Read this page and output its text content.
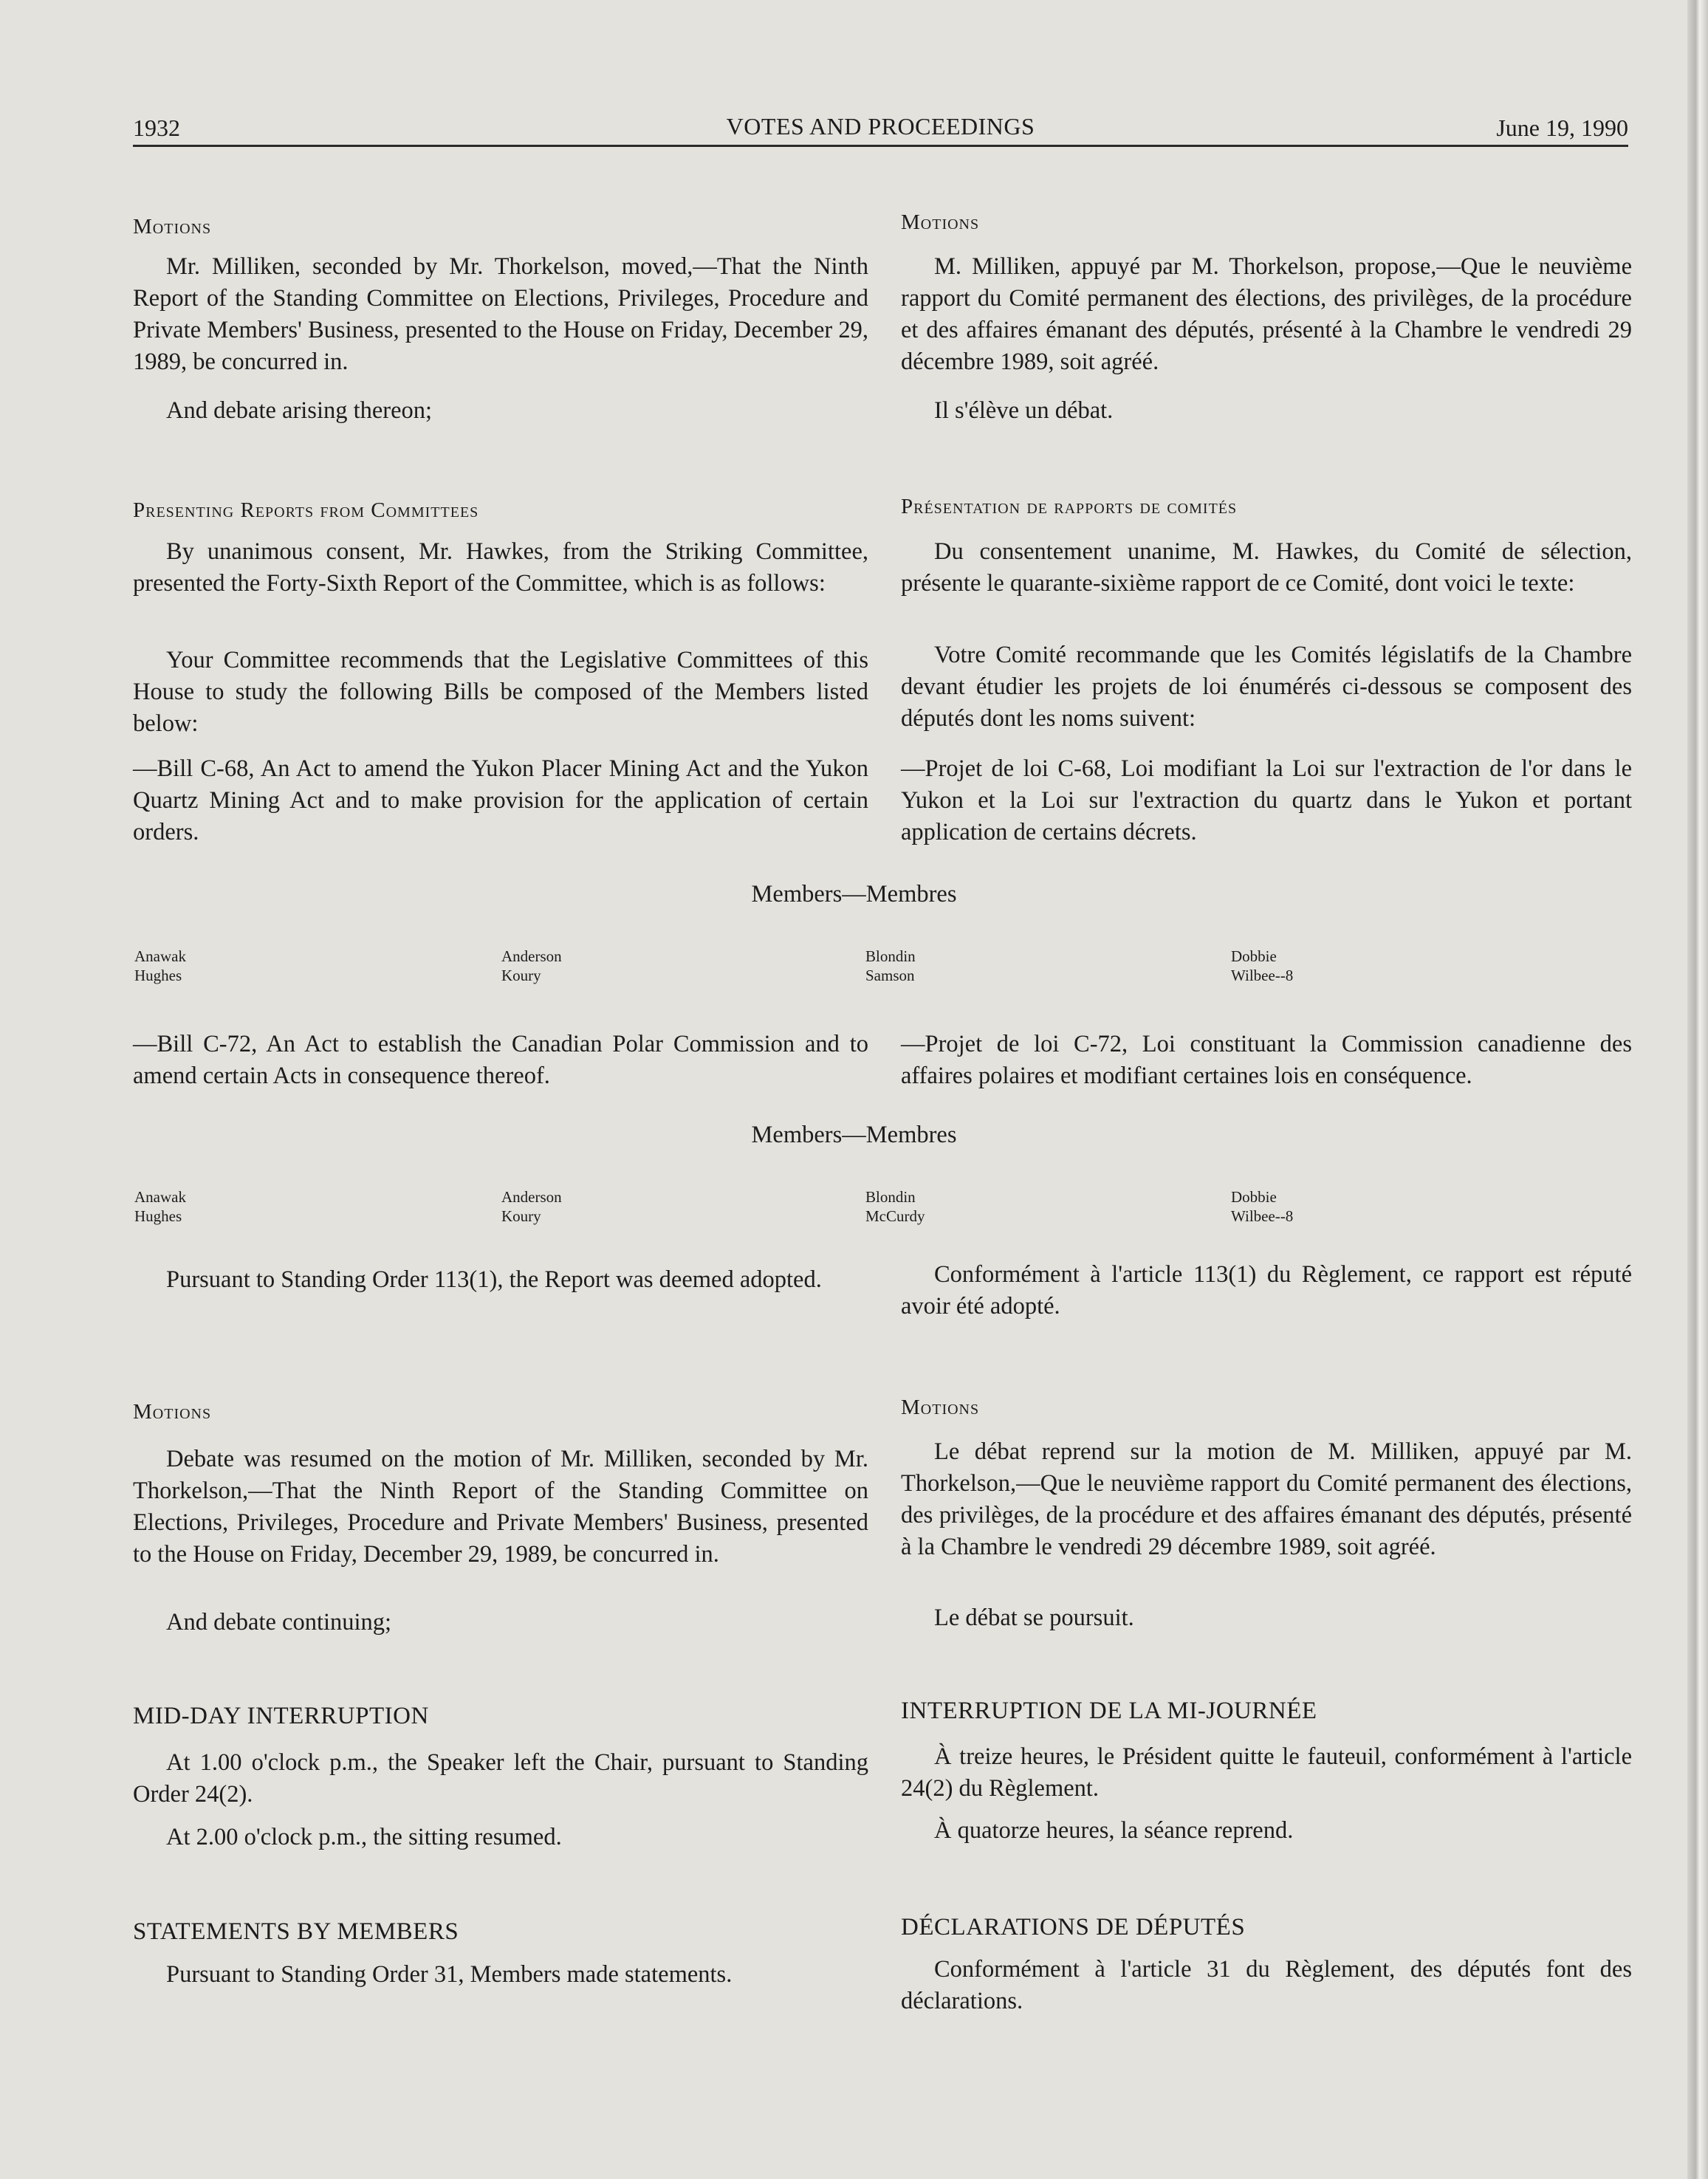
1932	VOTES AND PROCEEDINGS	June 19, 1990
Motions
Mr. Milliken, seconded by Mr. Thorkelson, moved,—That the Ninth Report of the Standing Committee on Elections, Privileges, Procedure and Private Members' Business, presented to the House on Friday, December 29, 1989, be concurred in.
And debate arising thereon;
Presenting Reports from Committees
By unanimous consent, Mr. Hawkes, from the Striking Committee, presented the Forty-Sixth Report of the Committee, which is as follows:
Your Committee recommends that the Legislative Committees of this House to study the following Bills be composed of the Members listed below:
—Bill C-68, An Act to amend the Yukon Placer Mining Act and the Yukon Quartz Mining Act and to make provision for the application of certain orders.
Members—Membres
Anawak
Hughes
Anderson
Koury
Blondin
Samson
Dobbie
Wilbee--8
—Bill C-72, An Act to establish the Canadian Polar Commission and to amend certain Acts in consequence thereof.
Members—Membres
Anawak
Hughes
Anderson
Koury
Blondin
McCurdy
Dobbie
Wilbee--8
Pursuant to Standing Order 113(1), the Report was deemed adopted.
Motions
Debate was resumed on the motion of Mr. Milliken, seconded by Mr. Thorkelson,—That the Ninth Report of the Standing Committee on Elections, Privileges, Procedure and Private Members' Business, presented to the House on Friday, December 29, 1989, be concurred in.
And debate continuing;
MID-DAY INTERRUPTION
At 1.00 o'clock p.m., the Speaker left the Chair, pursuant to Standing Order 24(2).
At 2.00 o'clock p.m., the sitting resumed.
STATEMENTS BY MEMBERS
Pursuant to Standing Order 31, Members made statements.
Motions
M. Milliken, appuyé par M. Thorkelson, propose,—Que le neuvième rapport du Comité permanent des élections, des privilèges, de la procédure et des affaires émanant des députés, présenté à la Chambre le vendredi 29 décembre 1989, soit agréé.
Il s'élève un débat.
Présentation de rapports de comités
Du consentement unanime, M. Hawkes, du Comité de sélection, présente le quarante-sixième rapport de ce Comité, dont voici le texte:
Votre Comité recommande que les Comités législatifs de la Chambre devant étudier les projets de loi énumérés ci-dessous se composent des députés dont les noms suivent:
—Projet de loi C-68, Loi modifiant la Loi sur l'extraction de l'or dans le Yukon et la Loi sur l'extraction du quartz dans le Yukon et portant application de certains décrets.
—Projet de loi C-72, Loi constituant la Commission canadienne des affaires polaires et modifiant certaines lois en conséquence.
Conformément à l'article 113(1) du Règlement, ce rapport est réputé avoir été adopté.
Motions
Le débat reprend sur la motion de M. Milliken, appuyé par M. Thorkelson,—Que le neuvième rapport du Comité permanent des élections, des privilèges, de la procédure et des affaires émanant des députés, présenté à la Chambre le vendredi 29 décembre 1989, soit agréé.
Le débat se poursuit.
INTERRUPTION DE LA MI-JOURNÉE
À treize heures, le Président quitte le fauteuil, conformément à l'article 24(2) du Règlement.
À quatorze heures, la séance reprend.
DÉCLARATIONS DE DÉPUTÉS
Conformément à l'article 31 du Règlement, des députés font des déclarations.
